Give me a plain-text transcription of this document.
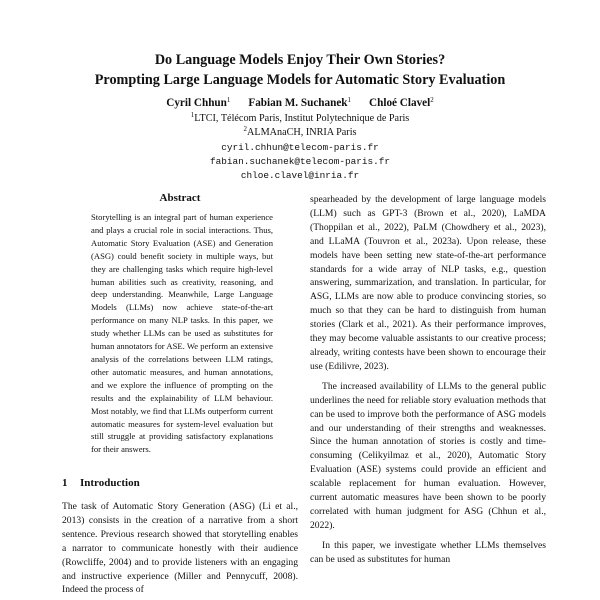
Do Language Models Enjoy Their Own Stories?
Prompting Large Language Models for Automatic Story Evaluation
Cyril Chhun$^1$ Fabian M. Suchanek$^1$ Chloé Clavel$^2$
$^1$LTCI, Télécom Paris, Institut Polytechnique de Paris
$^2$ALMAnaCH, INRIA Paris
cyril.chhun@telecom-paris.fr
fabian.suchanek@telecom-paris.fr
chloe.clavel@inria.fr
Abstract

Storytelling is an integral part of human experience and plays a crucial role in social interactions. Thus, Automatic Story Evaluation (ASE) and Generation (ASG) could benefit society in multiple ways, but they are challenging tasks which require high-level human abilities such as creativity, reasoning, and deep understanding. Meanwhile, Large Language Models (LLMs) now achieve state-of-the-art performance on many NLP tasks. In this paper, we study whether LLMs can be used as substitutes for human annotators for ASE. We perform an extensive analysis of the correlations between LLM ratings, other automatic measures, and human annotations, and we explore the influence of prompting on the results and the explainability of LLM behaviour. Most notably, we find that LLMs outperform current automatic measures for system-level evaluation but still struggle at providing satisfactory explanations for their answers.

1 Introduction

The task of Automatic Story Generation (ASG) (Li et al., 2013) consists in the creation of a narrative from a short sentence. Previous research showed that storytelling enables a narrator to communicate honestly with their audience (Rowcliffe, 2004) and to provide listeners with an engaging and instructive experience (Miller and Pennycuff, 2008). Indeed the process of

spearheaded by the development of large language models (LLM) such as GPT-3 (Brown et al., 2020), LaMDA (Thoppilan et al., 2022), PaLM (Chowdhery et al., 2023), and LLaMA (Touvron et al., 2023a). Upon release, these models have been setting new state-of-the-art performance standards for a wide array of NLP tasks, e.g., question answering, summarization, and translation. In particular, for ASG, LLMs are now able to produce convincing stories, so much so that they can be hard to distinguish from human stories (Clark et al., 2021). As their performance improves, they may become valuable assistants to our creative process; already, writing contests have been shown to encourage their use (Edilivre, 2023).

The increased availability of LLMs to the general public underlines the need for reliable story evaluation methods that can be used to improve both the performance of ASG models and our understanding of their strengths and weaknesses. Since the human annotation of stories is costly and time-consuming (Celikyilmaz et al., 2020), Automatic Story Evaluation (ASE) systems could provide an efficient and scalable replacement for human evaluation. However, current automatic measures have been shown to be poorly correlated with human judgment for ASG (Chhun et al., 2022).

In this paper, we investigate whether LLMs themselves can be used as substitutes for human
